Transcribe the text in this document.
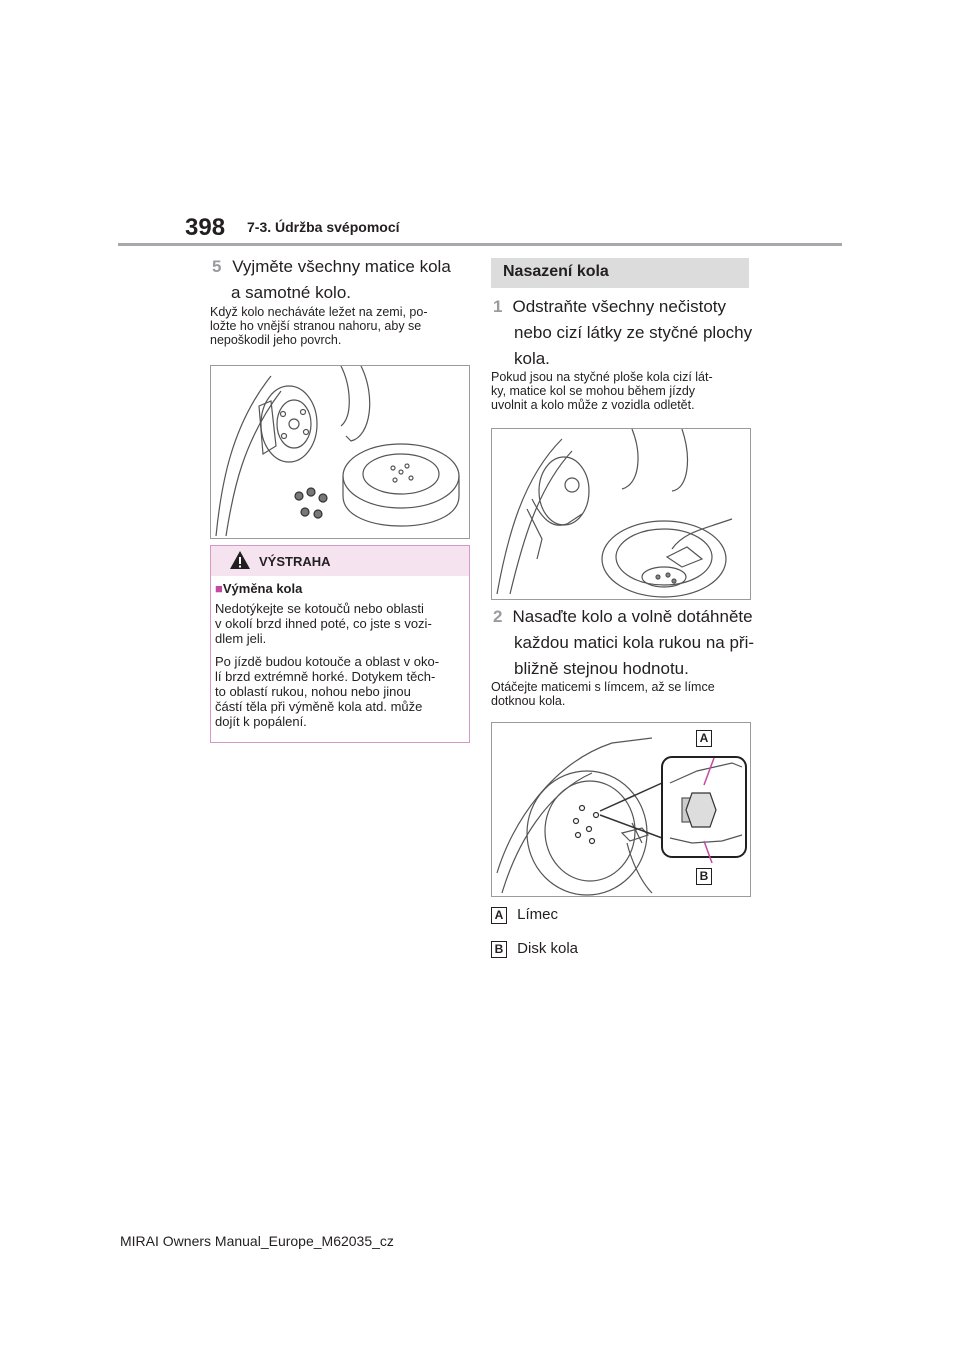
398 7-3. Údržba svépomocí
5 Vyjměte všechny matice kola
a samotné kolo.
Když kolo necháváte ležet na zemi, po-
ložte ho vnější stranou nahoru, aby se
nepoškodil jeho povrch.
VÝSTRAHA
■Výměna kola
Nedotýkejte se kotoučů nebo oblasti
v okolí brzd ihned poté, co jste s vozi-
dlem jeli.
Po jízdě budou kotouče a oblast v oko-
lí brzd extrémně horké. Dotykem těch-
to oblastí rukou, nohou nebo jinou
částí těla při výměně kola atd. může
dojít k popálení.
Nasazení kola
1 Odstraňte všechny nečistoty
nebo cizí látky ze styčné plochy
kola.
Pokud jsou na styčné ploše kola cizí lát-
ky, matice kol se mohou během jízdy
uvolnit a kolo může z vozidla odletět.
2 Nasaďte kolo a volně dotáhněte
každou matici kola rukou na při-
bližně stejnou hodnotu.
Otáčejte maticemi s límcem, až se límce
dotknou kola.
A
B
A Límec
B Disk kola
MIRAI Owners Manual_Europe_M62035_cz
